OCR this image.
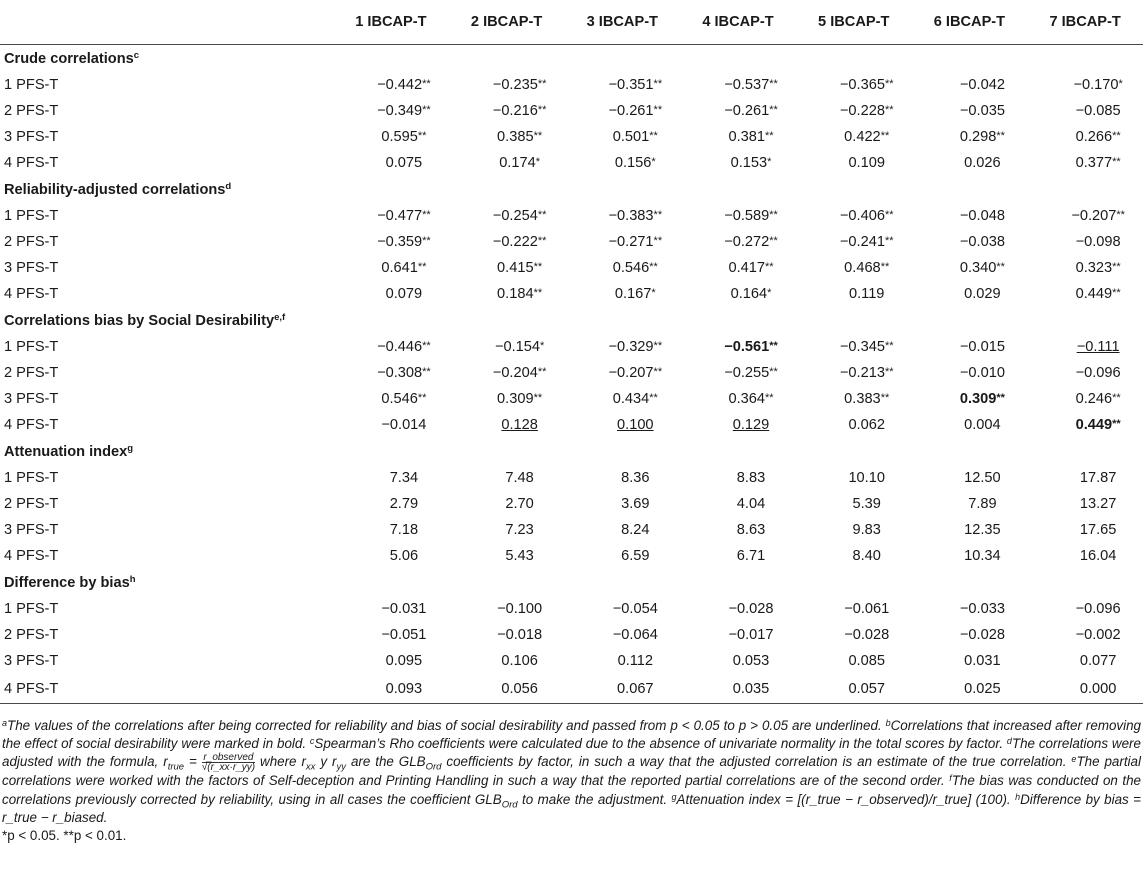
	1 IBCAP-T	2 IBCAP-T	3 IBCAP-T	4 IBCAP-T	5 IBCAP-T	6 IBCAP-T	7 IBCAP-T
Crude correlations$^c$
1 PFS-T	−0.442**	−0.235**	−0.351**	−0.537**	−0.365**	−0.042	−0.170*
2 PFS-T	−0.349**	−0.216**	−0.261**	−0.261**	−0.228**	−0.035	−0.085
3 PFS-T	0.595**	0.385**	0.501**	0.381**	0.422**	0.298**	0.266**
4 PFS-T	0.075	0.174*	0.156*	0.153*	0.109	0.026	0.377**
Reliability-adjusted correlations$^d$
1 PFS-T	−0.477**	−0.254**	−0.383**	−0.589**	−0.406**	−0.048	−0.207**
2 PFS-T	−0.359**	−0.222**	−0.271**	−0.272**	−0.241**	−0.038	−0.098
3 PFS-T	0.641**	0.415**	0.546**	0.417**	0.468**	0.340**	0.323**
4 PFS-T	0.079	0.184**	0.167*	0.164*	0.119	0.029	0.449**
Correlations bias by Social Desirability$^{e,f}$
1 PFS-T	−0.446**	−0.154*	−0.329**	−0.561**	−0.345**	−0.015	−0.111
2 PFS-T	−0.308**	−0.204**	−0.207**	−0.255**	−0.213**	−0.010	−0.096
3 PFS-T	0.546**	0.309**	0.434**	0.364**	0.383**	0.309**	0.246**
4 PFS-T	−0.014	0.128	0.100	0.129	0.062	0.004	0.449**
Attenuation index$^g$
1 PFS-T	7.34	7.48	8.36	8.83	10.10	12.50	17.87
2 PFS-T	2.79	2.70	3.69	4.04	5.39	7.89	13.27
3 PFS-T	7.18	7.23	8.24	8.63	9.83	12.35	17.65
4 PFS-T	5.06	5.43	6.59	6.71	8.40	10.34	16.04
Difference by bias$^h$
1 PFS-T	−0.031	−0.100	−0.054	−0.028	−0.061	−0.033	−0.096
2 PFS-T	−0.051	−0.018	−0.064	−0.017	−0.028	−0.028	−0.002
3 PFS-T	0.095	0.106	0.112	0.053	0.085	0.031	0.077
4 PFS-T	0.093	0.056	0.067	0.035	0.057	0.025	0.000

$^a$The values of the correlations after being corrected for reliability and bias of social desirability and passed from p < 0.05 to p > 0.05 are underlined. $^b$Correlations that increased after removing the effect of social desirability were marked in bold. $^c$Spearman’s Rho coefficients were calculated due to the absence of univariate normality in the total scores by factor. $^d$The correlations were adjusted with the formula, $r_{true} = \frac{\text{r\_observed}}{√(r\_xx\cdot r\_yy)}$ where $r_{xx}$ y $r_{yy}$ are the $GLB_{Ord}$ coefficients by factor, in such a way that the adjusted correlation is an estimate of the true correlation. $^e$The partial correlations were worked with the factors of Self-deception and Printing Handling in such a way that the reported partial correlations are of the second order. $^f$The bias was conducted on the correlations previously corrected by reliability, using in all cases the coefficient $GLB_{Ord}$ to make the adjustment. $^g$Attenuation index = [(r_true − r_observed)/r_true] (100). $^h$Difference by bias = r_true − r_biased.

*p < 0.05. **p < 0.01.
